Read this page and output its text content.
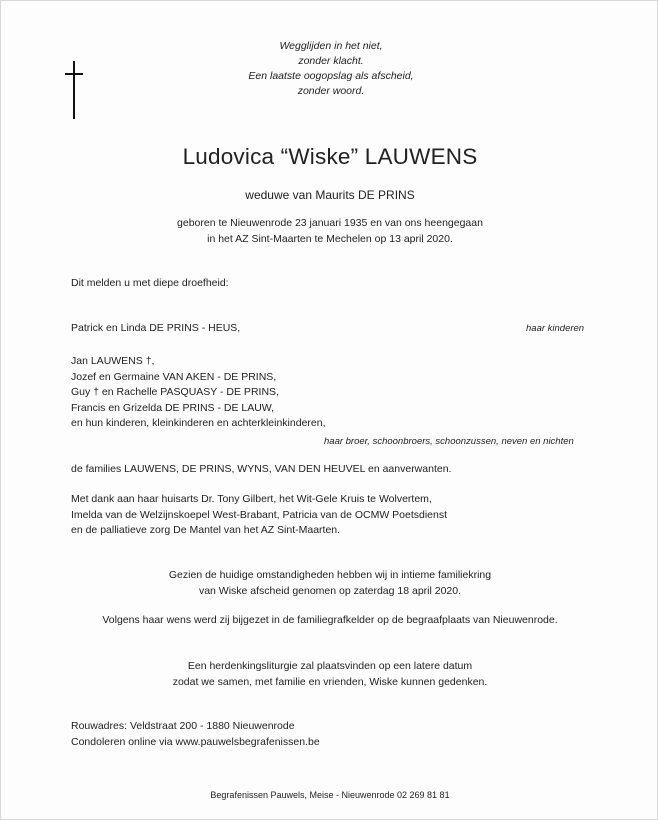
Wegglijden in het niet,
zonder klacht.
Een laatste oogopslag als afscheid,
zonder woord.
Ludovica “Wiske” LAUWENS
weduwe van Maurits DE PRINS
geboren te Nieuwenrode 23 januari 1935 en van ons heengegaan
in het AZ Sint-Maarten te Mechelen op 13 april 2020.
Dit melden u met diepe droefheid:
Patrick en Linda DE PRINS - HEUS,	haar kinderen
Jan LAUWENS †,
Jozef en Germaine VAN AKEN - DE PRINS,
Guy † en Rachelle PASQUASY - DE PRINS,
Francis en Grizelda DE PRINS - DE LAUW,
en hun kinderen, kleinkinderen en achterkleinkinderen,
haar broer, schoonbroers, schoonzussen, neven en nichten
de families LAUWENS, DE PRINS, WYNS, VAN DEN HEUVEL en aanverwanten.
Met dank aan haar huisarts Dr. Tony Gilbert, het Wit-Gele Kruis te Wolvertem,
Imelda van de Welzijnskoepel West-Brabant, Patricia van de OCMW Poetsdienst
en de palliatieve zorg De Mantel van het AZ Sint-Maarten.
Gezien de huidige omstandigheden hebben wij in intieme familiekring
van Wiske afscheid genomen op zaterdag 18 april 2020.
Volgens haar wens werd zij bijgezet in de familiegrafkelder op de begraafplaats van Nieuwenrode.
Een herdenkingsliturgie zal plaatsvinden op een latere datum
zodat we samen, met familie en vrienden, Wiske kunnen gedenken.
Rouwadres: Veldstraat 200 - 1880 Nieuwenrode
Condoleren online via www.pauwelsbegrafenissen.be
Begrafenissen Pauwels, Meise - Nieuwenrode 02 269 81 81
